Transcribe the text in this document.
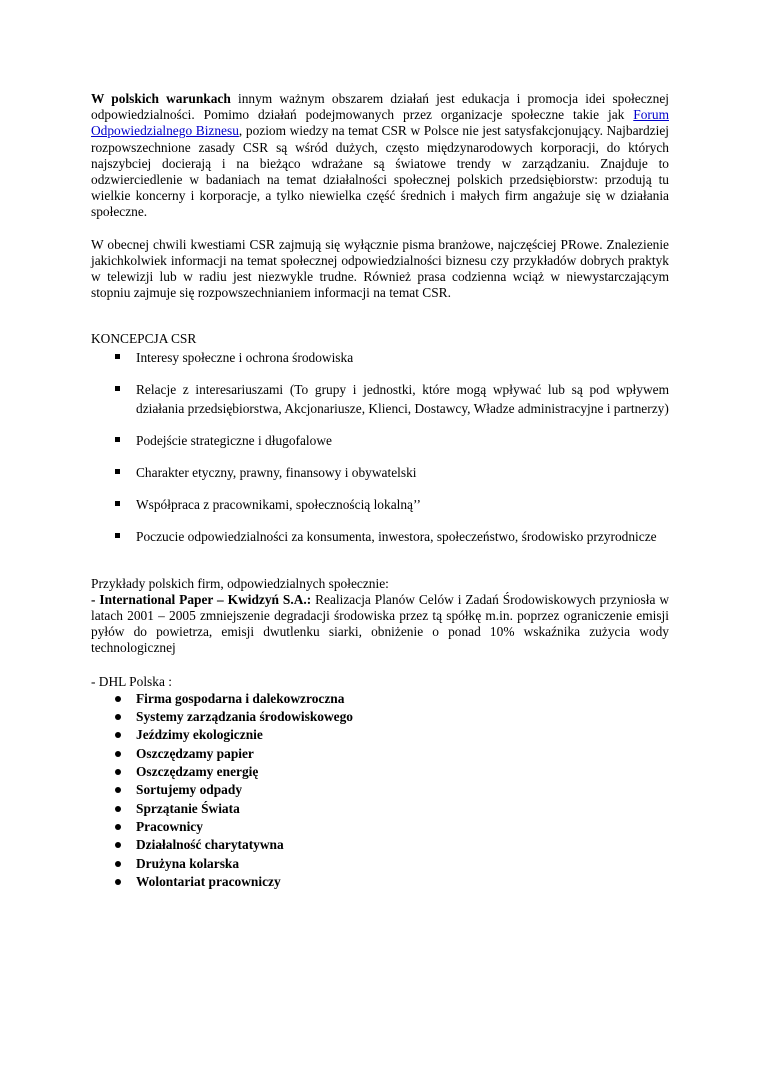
W polskich warunkach innym ważnym obszarem działań jest edukacja i promocja idei społecznej odpowiedzialności. Pomimo działań podejmowanych przez organizacje społeczne takie jak Forum Odpowiedzialnego Biznesu, poziom wiedzy na temat CSR w Polsce nie jest satysfakcjonujący. Najbardziej rozpowszechnione zasady CSR są wśród dużych, często międzynarodowych korporacji, do których najszybciej docierają i na bieżąco wdrażane są światowe trendy w zarządzaniu. Znajduje to odzwierciedlenie w badaniach na temat działalności społecznej polskich przedsiębiorstw: przodują tu wielkie koncerny i korporacje, a tylko niewielka część średnich i małych firm angażuje się w działania społeczne.

W obecnej chwili kwestiami CSR zajmują się wyłącznie pisma branżowe, najczęściej PRowe. Znalezienie jakichkolwiek informacji na temat społecznej odpowiedzialności biznesu czy przykładów dobrych praktyk w telewizji lub w radiu jest niezwykle trudne. Również prasa codzienna wciąż w niewystarczającym stopniu zajmuje się rozpowszechnianiem informacji na temat CSR.

KONCEPCJA CSR

Interesy społeczne i ochrona środowiska
Relacje z interesariuszami (To grupy i jednostki, które mogą wpływać lub są pod wpływem działania przedsiębiorstwa, Akcjonariusze, Klienci, Dostawcy, Władze administracyjne i partnerzy)
Podejście strategiczne i długofalowe
Charakter etyczny, prawny, finansowy i obywatelski
Współpraca z pracownikami, społecznością lokalną’’
Poczucie odpowiedzialności za konsumenta, inwestora, społeczeństwo, środowisko przyrodnicze

Przykłady polskich firm, odpowiedzialnych społecznie:

- International Paper – Kwidzyń S.A.: Realizacja Planów Celów i Zadań Środowiskowych przyniosła w latach 2001 – 2005 zmniejszenie degradacji środowiska przez tą spółkę m.in. poprzez ograniczenie emisji pyłów do powietrza, emisji dwutlenku siarki, obniżenie o ponad 10% wskaźnika zużycia wody technologicznej

- DHL Polska :

Firma gospodarna i dalekowzroczna
Systemy zarządzania środowiskowego
Jeździmy ekologicznie
Oszczędzamy papier
Oszczędzamy energię
Sortujemy odpady
Sprzątanie Świata
Pracownicy
Działalność charytatywna
Drużyna kolarska
Wolontariat pracowniczy
